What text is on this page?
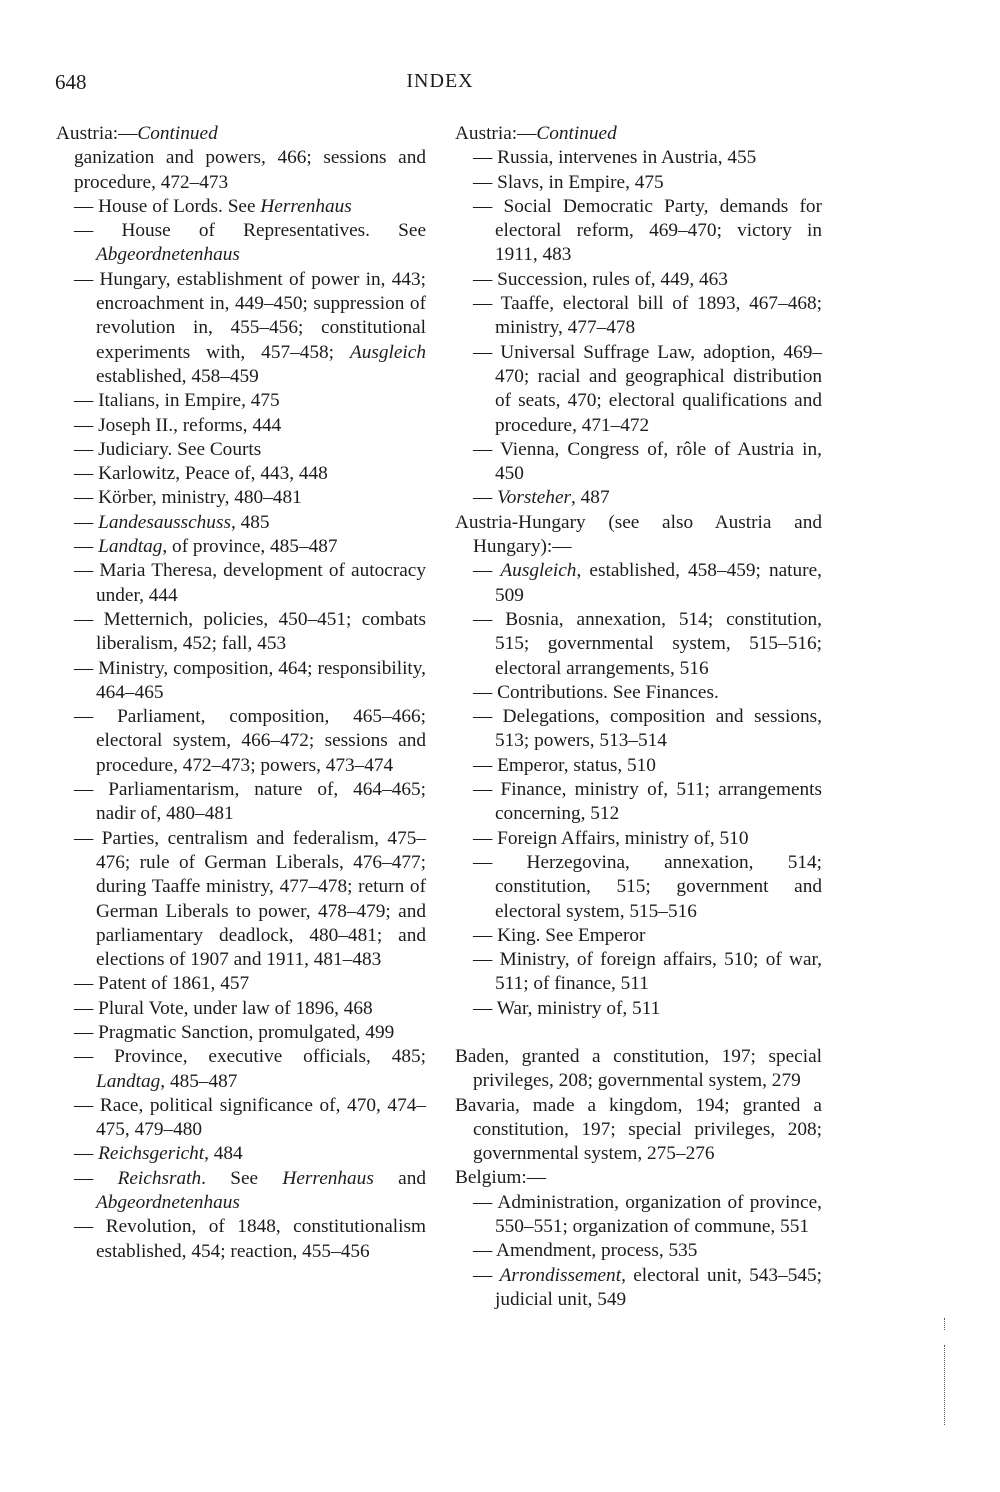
648	INDEX
Austria:—Continued
ganization and powers, 466; sessions and procedure, 472–473
— House of Lords. See Herrenhaus
— House of Representatives. See Abgeordnetenhaus
— Hungary, establishment of power in, 443; encroachment in, 449–450; suppression of revolution in, 455–456; constitutional experiments with, 457–458; Ausgleich established, 458–459
— Italians, in Empire, 475
— Joseph II., reforms, 444
— Judiciary. See Courts
— Karlowitz, Peace of, 443, 448
— Körber, ministry, 480–481
— Landesausschuss, 485
— Landtag, of province, 485–487
— Maria Theresa, development of autocracy under, 444
— Metternich, policies, 450–451; combats liberalism, 452; fall, 453
— Ministry, composition, 464; responsibility, 464–465
— Parliament, composition, 465–466; electoral system, 466–472; sessions and procedure, 472–473; powers, 473–474
— Parliamentarism, nature of, 464–465; nadir of, 480–481
— Parties, centralism and federalism, 475–476; rule of German Liberals, 476–477; during Taaffe ministry, 477–478; return of German Liberals to power, 478–479; and parliamentary deadlock, 480–481; and elections of 1907 and 1911, 481–483
— Patent of 1861, 457
— Plural Vote, under law of 1896, 468
— Pragmatic Sanction, promulgated, 499
— Province, executive officials, 485; Landtag, 485–487
— Race, political significance of, 470, 474–475, 479–480
— Reichsgericht, 484
— Reichsrath. See Herrenhaus and Abgeordnetenhaus
— Revolution, of 1848, constitutionalism established, 454; reaction, 455–456
Austria:—Continued
— Russia, intervenes in Austria, 455
— Slavs, in Empire, 475
— Social Democratic Party, demands for electoral reform, 469–470; victory in 1911, 483
— Succession, rules of, 449, 463
— Taaffe, electoral bill of 1893, 467–468; ministry, 477–478
— Universal Suffrage Law, adoption, 469–470; racial and geographical distribution of seats, 470; electoral qualifications and procedure, 471–472
— Vienna, Congress of, rôle of Austria in, 450
— Vorsteher, 487
Austria-Hungary (see also Austria and Hungary):—
— Ausgleich, established, 458–459; nature, 509
— Bosnia, annexation, 514; constitution, 515; governmental system, 515–516; electoral arrangements, 516
— Contributions. See Finances.
— Delegations, composition and sessions, 513; powers, 513–514
— Emperor, status, 510
— Finance, ministry of, 511; arrangements concerning, 512
— Foreign Affairs, ministry of, 510
— Herzegovina, annexation, 514; constitution, 515; government and electoral system, 515–516
— King. See Emperor
— Ministry, of foreign affairs, 510; of war, 511; of finance, 511
— War, ministry of, 511
Baden, granted a constitution, 197; special privileges, 208; governmental system, 279
Bavaria, made a kingdom, 194; granted a constitution, 197; special privileges, 208; governmental system, 275–276
Belgium:—
— Administration, organization of province, 550–551; organization of commune, 551
— Amendment, process, 535
— Arrondissement, electoral unit, 543–545; judicial unit, 549
